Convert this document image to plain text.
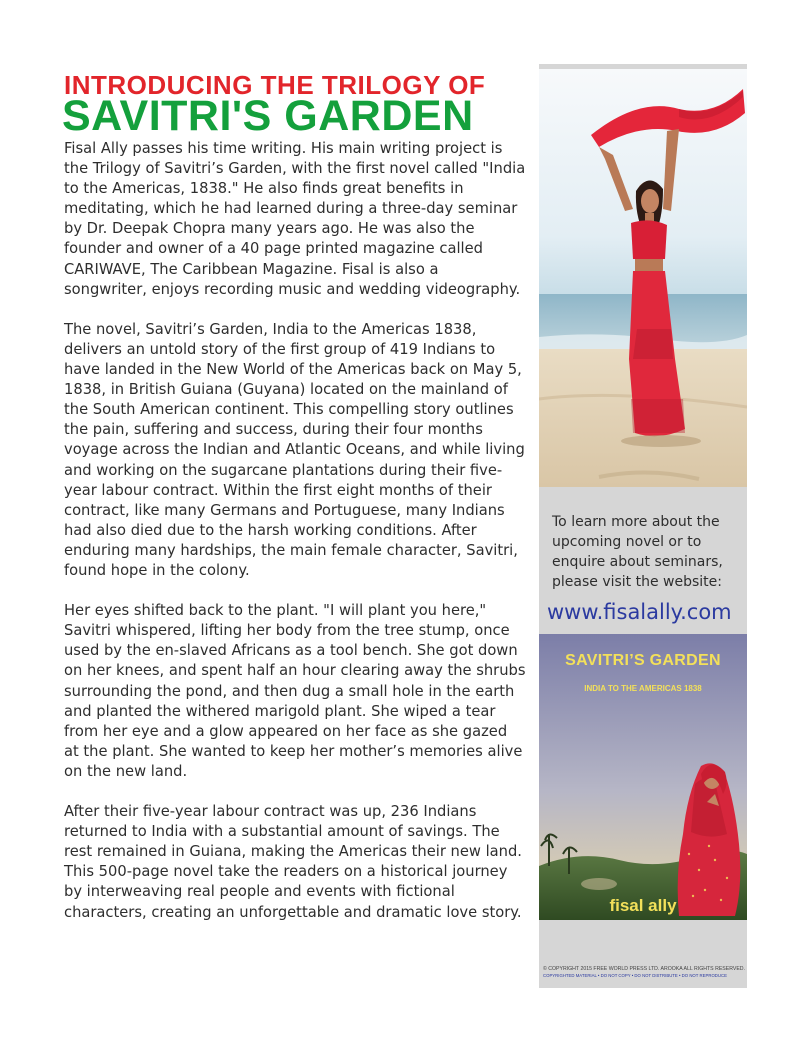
INTRODUCING THE TRILOGY OF
SAVITRI'S GARDEN

Fisal Ally passes his time writing. His main writing project is the Trilogy of Savitri’s Garden, with the first novel called "India to the Americas, 1838." He also finds great benefits in meditating, which he had learned during a three-day seminar by Dr. Deepak Chopra many years ago. He was also the founder and owner of a 40 page printed magazine called CARIWAVE, The Caribbean Magazine. Fisal is also a songwriter, enjoys recording music and wedding videography.

The novel, Savitri’s Garden, India to the Americas 1838, delivers an untold story of the first group of 419 Indians to have landed in the New World of the Americas back on May 5, 1838, in British Guiana (Guyana) located on the mainland of the South American continent. This compelling story outlines the pain, suffering and success, during their four months voyage across the Indian and Atlantic Oceans, and while living and working on the sugarcane plantations during their five-year labour contract. Within the first eight months of their contract, like many Germans and Portuguese, many Indians had also died due to the harsh working conditions. After enduring many hardships, the main female character, Savitri, found hope in the colony.

Her eyes shifted back to the plant. "I will plant you here," Savitri whispered, lifting her body from the tree stump, once used by the en-slaved Africans as a tool bench. She got down on her knees, and spent half an hour clearing away the shrubs surrounding the pond, and then dug a small hole in the earth and planted the withered marigold plant. She wiped a tear from her eye and a glow appeared on her face as she gazed at the plant. She wanted to keep her mother’s memories alive on the new land.

After their five-year labour contract was up, 236 Indians returned to India with a substantial amount of savings. The rest remained in Guiana, making the Americas their new land. This 500-page novel take the readers on a historical journey by interweaving real people and events with fictional characters, creating an unforgettable and dramatic love story.

To learn more about the upcoming novel or to enquire about seminars, please visit the website:

www.fisalally.com

SAVITRI’S GARDEN

INDIA TO THE AMERICAS 1838

fisal ally

© COPYRIGHT 2015 FREE WORLD PRESS LTD. AROOKA ALL RIGHTS RESERVED.

COPYRIGHTED MATERIAL • DO NOT COPY • DO NOT DISTRIBUTE • DO NOT REPRODUCE
